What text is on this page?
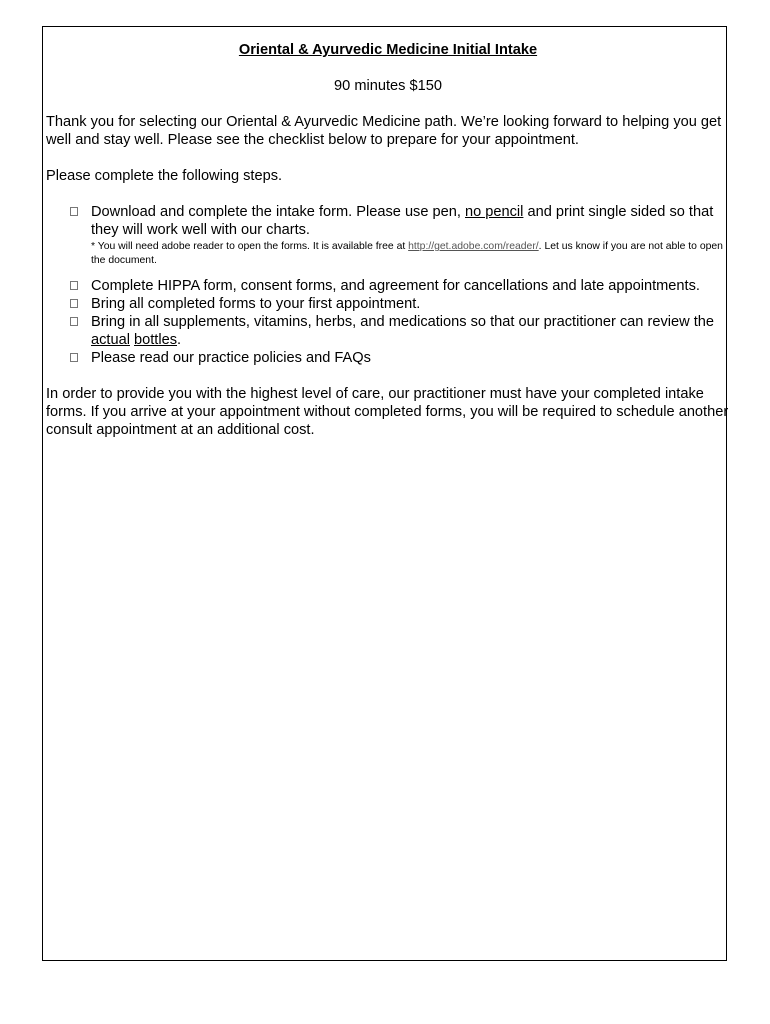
Oriental & Ayurvedic Medicine Initial Intake
90 minutes $150

Thank you for selecting our Oriental & Ayurvedic Medicine path. We’re looking forward to helping you get well and stay well. Please see the checklist below to prepare for your appointment.

Please complete the following steps.

Download and complete the intake form. Please use pen, no pencil and print single sided so that they will work well with our charts.
* You will need adobe reader to open the forms. It is available free at http://get.adobe.com/reader/. Let us know if you are not able to open the document.
Complete HIPPA form, consent forms, and agreement for cancellations and late appointments.
Bring all completed forms to your first appointment.
Bring in all supplements, vitamins, herbs, and medications so that our practitioner can review the actual bottles.
Please read our practice policies and FAQs

In order to provide you with the highest level of care, our practitioner must have your completed intake forms. If you arrive at your appointment without completed forms, you will be required to schedule another consult appointment at an additional cost.
